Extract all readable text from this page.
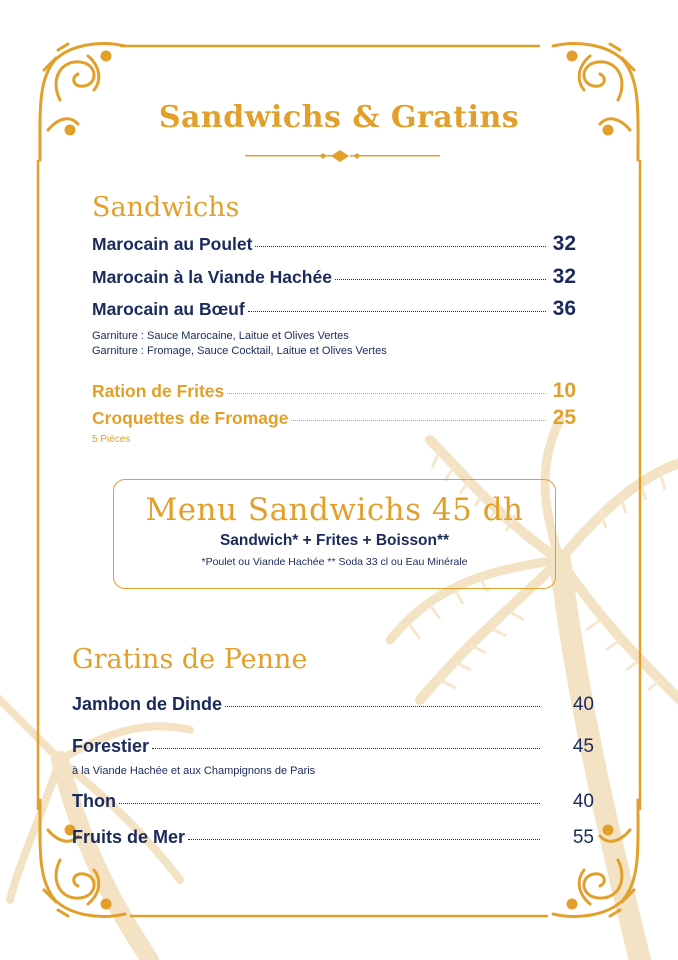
Sandwichs & Gratins
Sandwichs
Marocain au Poulet	32
Marocain à la Viande Hachée	32
Marocain au Bœuf	36
Garniture : Sauce Marocaine, Laitue et Olives Vertes
Garniture : Fromage, Sauce Cocktail, Laitue et Olives Vertes
Ration de Frites	10
Croquettes de Fromage	25
5 Pièces
Menu Sandwichs 45 dh
Sandwich* + Frites + Boisson**
*Poulet ou Viande Hachée ** Soda 33 cl ou Eau Minérale
Gratins de Penne
Jambon de Dinde	40
Forestier	45
à la Viande Hachée et aux Champignons de Paris
Thon	40
Fruits de Mer	55
